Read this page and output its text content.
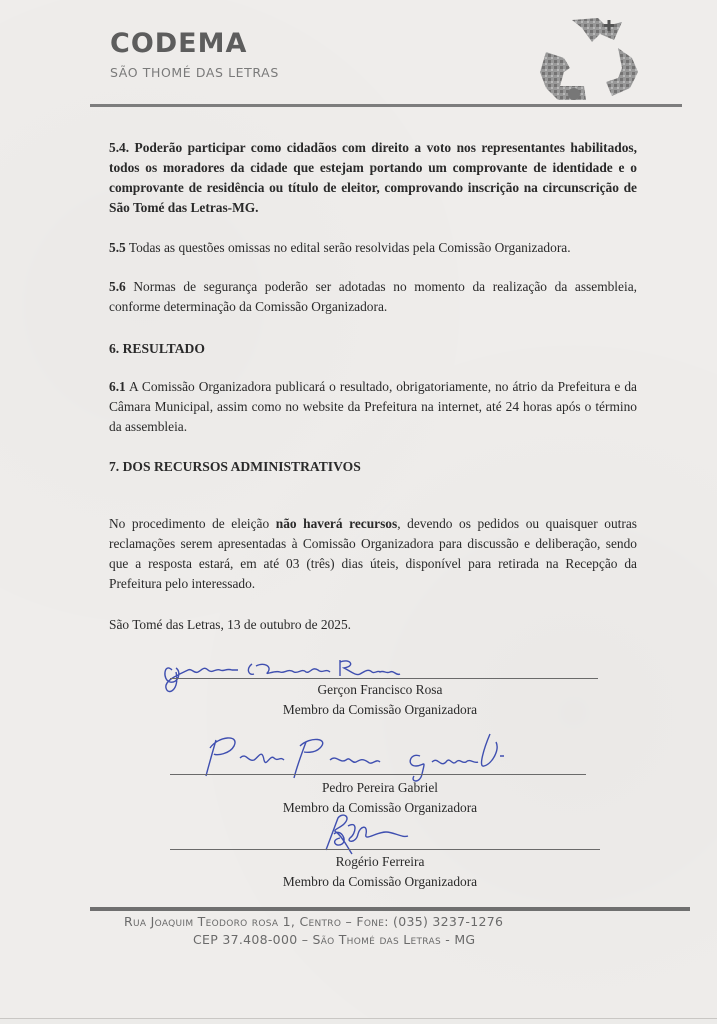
CODEMA
SÃO THOMÉ DAS LETRAS

5.4. Poderão participar como cidadãos com direito a voto nos representantes habilitados, todos os moradores da cidade que estejam portando um comprovante de identidade e o comprovante de residência ou título de eleitor, comprovando inscrição na circunscrição de São Tomé das Letras-MG.

5.5 Todas as questões omissas no edital serão resolvidas pela Comissão Organizadora.

5.6 Normas de segurança poderão ser adotadas no momento da realização da assembleia, conforme determinação da Comissão Organizadora.

6. RESULTADO

6.1 A Comissão Organizadora publicará o resultado, obrigatoriamente, no átrio da Prefeitura e da Câmara Municipal, assim como no website da Prefeitura na internet, até 24 horas após o término da assembleia.

7. DOS RECURSOS ADMINISTRATIVOS

No procedimento de eleição não haverá recursos, devendo os pedidos ou quaisquer outras reclamações serem apresentadas à Comissão Organizadora para discussão e deliberação, sendo que a resposta estará, em até 03 (três) dias úteis, disponível para retirada na Recepção da Prefeitura pelo interessado.

São Tomé das Letras, 13 de outubro de 2025.

Gerçon Francisco Rosa
Membro da Comissão Organizadora
Pedro Pereira Gabriel
Membro da Comissão Organizadora
Rogério Ferreira
Membro da Comissão Organizadora
Rua Joaquim Teodoro rosa 1, Centro – Fone: (035) 3237-1276
CEP 37.408-000 – São Thomé das Letras - MG
